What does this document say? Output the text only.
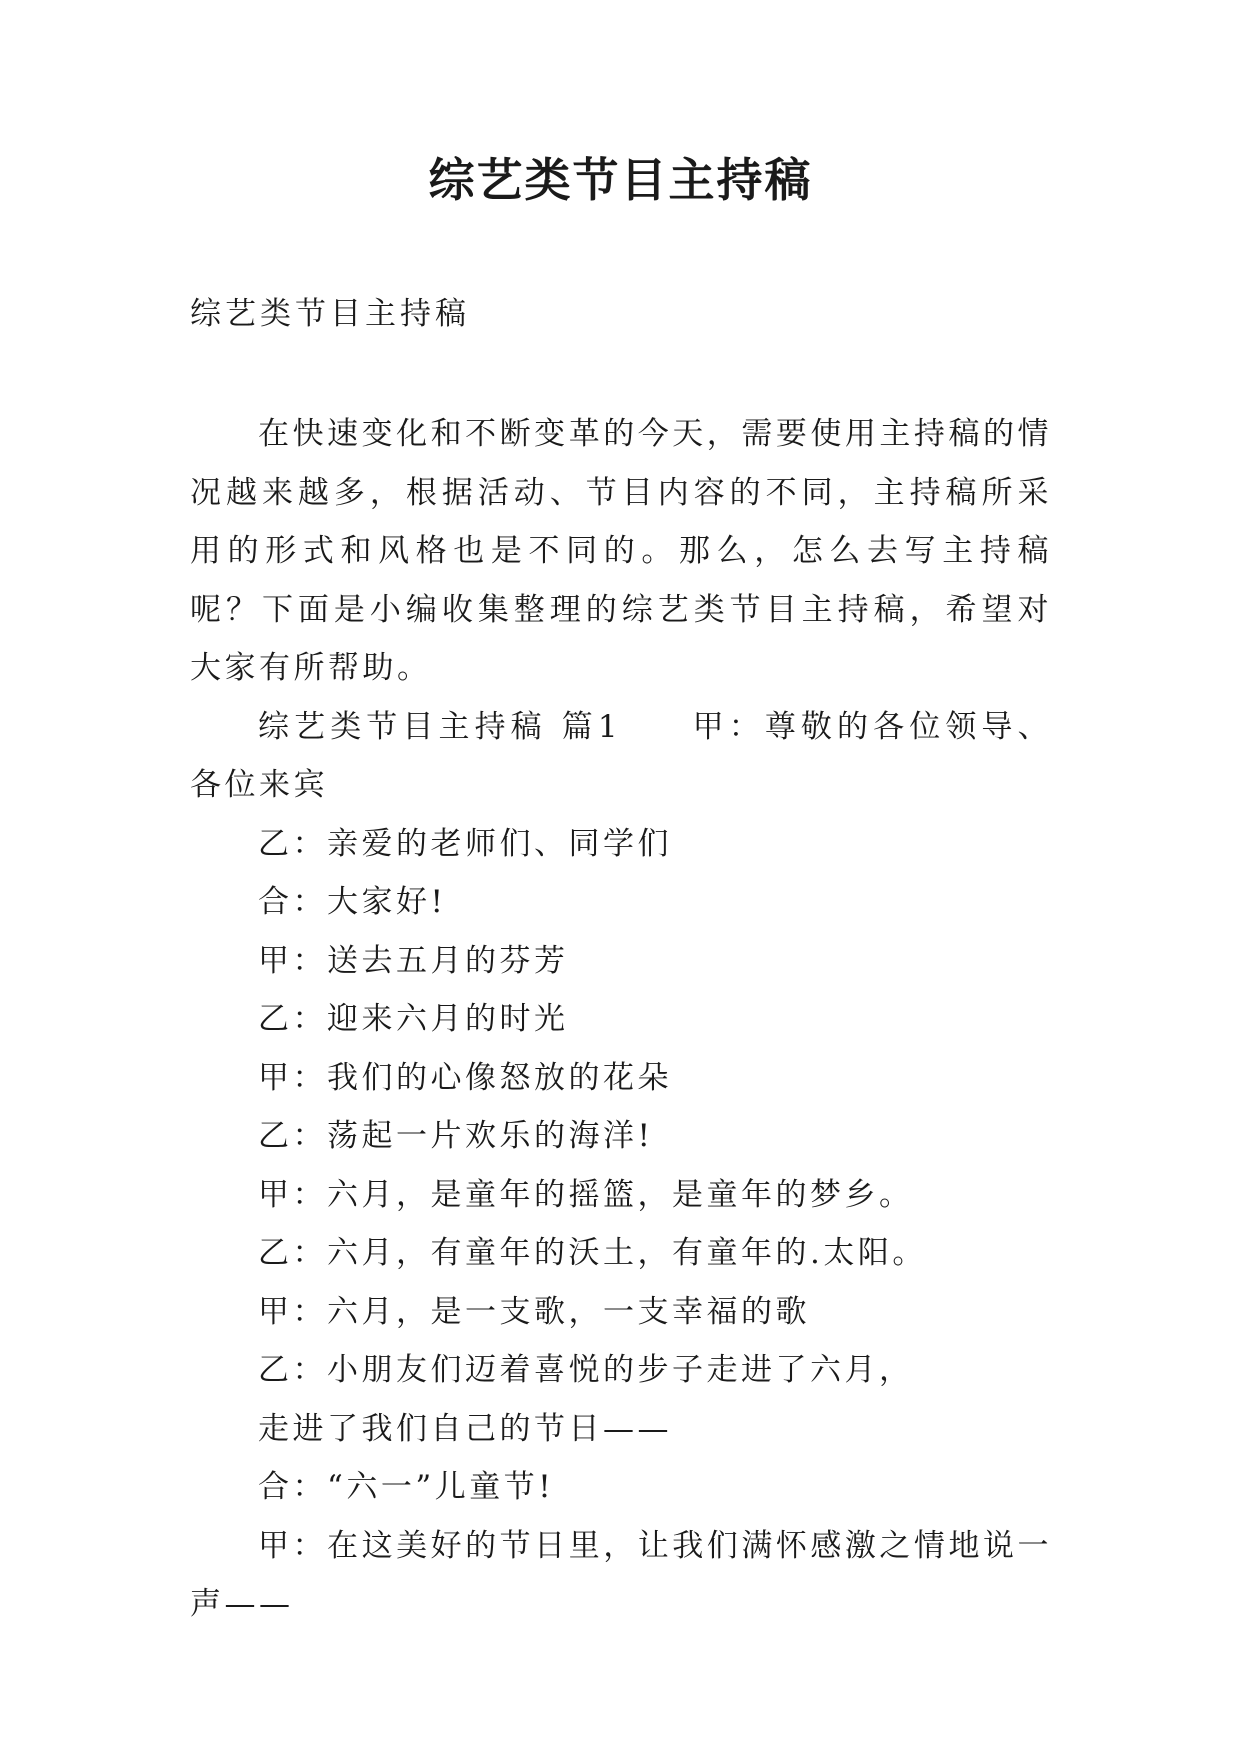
综艺类节目主持稿
综艺类节目主持稿

在快速变化和不断变革的今天，需要使用主持稿的情况越来越多，根据活动、节目内容的不同，主持稿所采用的形式和风格也是不同的。那么，怎么去写主持稿呢？下面是小编收集整理的综艺类节目主持稿，希望对大家有所帮助。

综艺类节目主持稿 篇1 甲：尊敬的各位领导、各位来宾

乙：亲爱的老师们、同学们

合：大家好!

甲：送去五月的芬芳

乙：迎来六月的时光

甲：我们的心像怒放的花朵

乙：荡起一片欢乐的海洋!

甲：六月，是童年的摇篮，是童年的梦乡。

乙：六月，有童年的沃土，有童年的.太阳。

甲：六月，是一支歌，一支幸福的歌

乙：小朋友们迈着喜悦的步子走进了六月，

走进了我们自己的节日——

合：“六一”儿童节!

甲：在这美好的节日里，让我们满怀感激之情地说一声——
